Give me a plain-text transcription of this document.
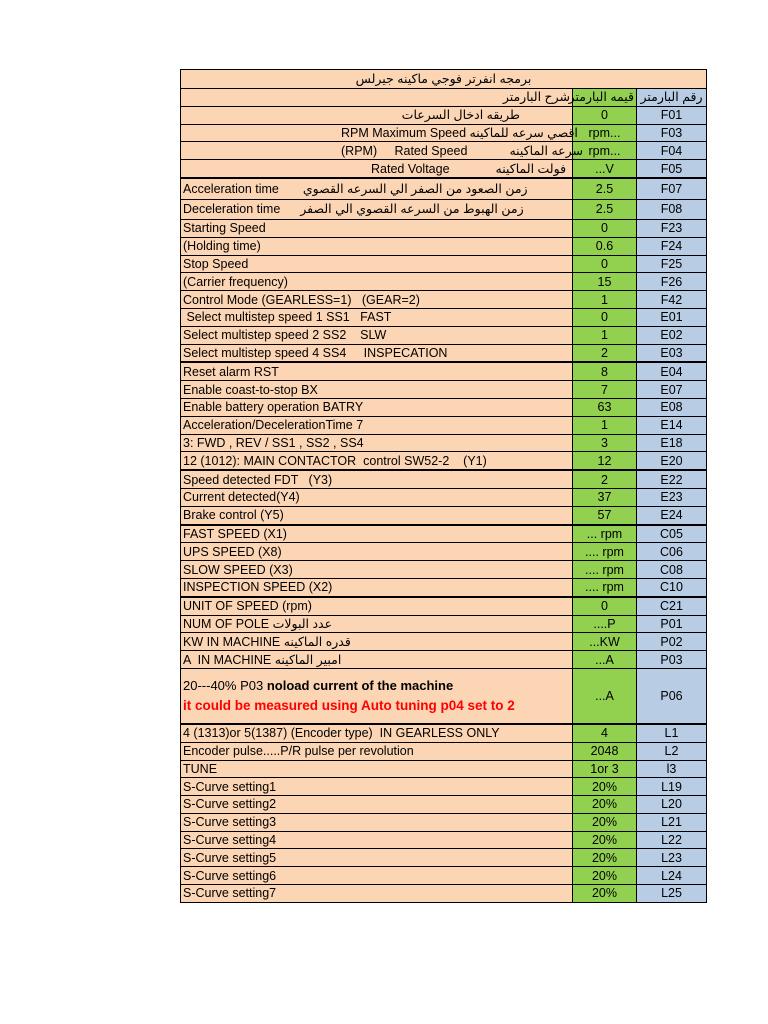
برمجه انفرتر فوجي ماكينه جيرلس		
شرح البارمتر	قيمه البارمتر	رقم البارمتر
طريقه ادخال السرعات	0	F01
RPM Maximum Speed اقصي سرعه للماكينه	rpm...	F03
(RPM)     Rated Speed سرعه الماكينه	rpm...	F04
Rated Voltage فولت الماكينه	...V	F05
Acceleration time زمن الصعود من الصفر الي السرعه القصوي	2.5	F07
Deceleration time زمن الهبوط من السرعه القصوي الي الصفر	2.5	F08
Starting Speed	0	F23
(Holding time)	0.6	F24
Stop Speed	0	F25
(Carrier frequency)	15	F26
Control Mode (GEARLESS=1)   (GEAR=2)	1	F42
Select multistep speed 1 SS1   FAST	0	E01
Select multistep speed 2 SS2    SLW	1	E02
Select multistep speed 4 SS4     INSPECATION	2	E03
Reset alarm RST	8	E04
Enable coast-to-stop BX	7	E07
Enable battery operation BATRY	63	E08
Acceleration/DecelerationTime 7	1	E14
3: FWD , REV / SS1 , SS2 , SS4	3	E18
12 (1012): MAIN CONTACTOR  control SW52-2    (Y1)	12	E20
Speed detected FDT   (Y3)	2	E22
Current detected(Y4)	37	E23
Brake control (Y5)	57	E24
FAST SPEED (X1)	... rpm	C05
UPS SPEED (X8)	.... rpm	C06
SLOW SPEED (X3)	.... rpm	C08
INSPECTION SPEED (X2)	.... rpm	C10
UNIT OF SPEED (rpm)	0	C21
NUM OF POLE عدد البولات	....P	P01
KW IN MACHINE قدره الماكينه	...KW	P02
A  IN MACHINE امبير الماكينه	...A	P03

20---40% P03 noload current of the machine
it could be measured using Auto tuning p04 set to 2	...A	P06
4 (1313)or 5(1387) (Encoder type)  IN GEARLESS ONLY	4	L1
Encoder pulse.....P/R pulse per revolution	2048	L2
TUNE	1or 3	l3
S-Curve setting1	20%	L19
S-Curve setting2	20%	L20
S-Curve setting3	20%	L21
S-Curve setting4	20%	L22
S-Curve setting5	20%	L23
S-Curve setting6	20%	L24
S-Curve setting7	20%	L25
